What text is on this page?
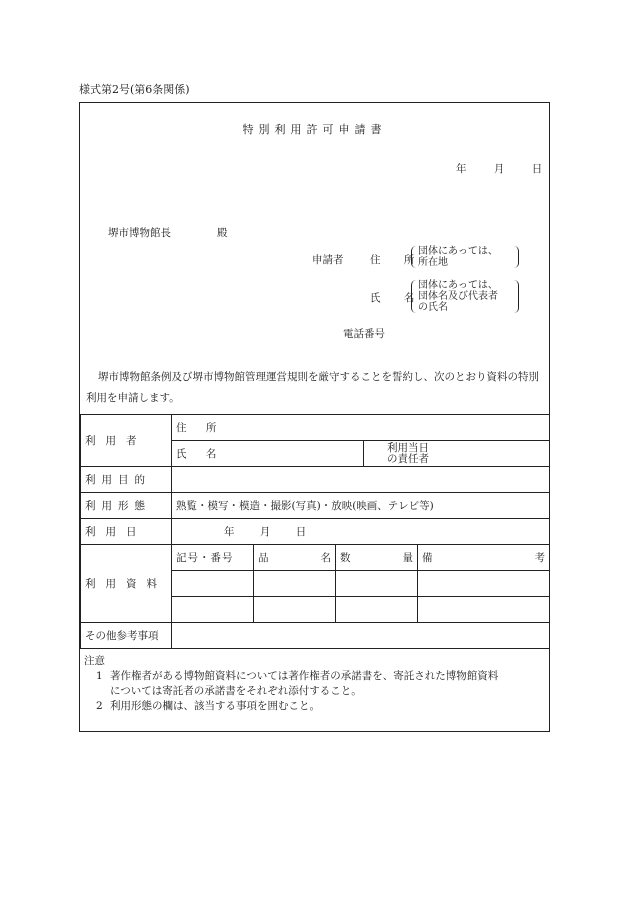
様式第2号(第6条関係)
特別利用許可申請書
年	月	日
堺市博物館長	殿
申請者	住 所
団体にあっては、
所在地
氏 名
団体にあっては、
団体名及び代表者
の氏名
電話番号
堺市博物館条例及び堺市博物館管理運営規則を厳守することを誓約し、次のとおり資料の特別利用を申請します。
利用者	住 所					
	氏 名			利用当日
の責任者		

利用目的						
利用形態	熟覧・模写・模造・撮影(写真)・放映(映画、テレビ等)					
利用日	年 月 日					
利用資料	記号・番号	品 名	数 量		備 考	

その他参考事項						
注意
1 著作権者がある博物館資料については著作権者の承諾書を、寄託された博物館資料
については寄託者の承諾書をそれぞれ添付すること。
2 利用形態の欄は、該当する事項を囲むこと。
